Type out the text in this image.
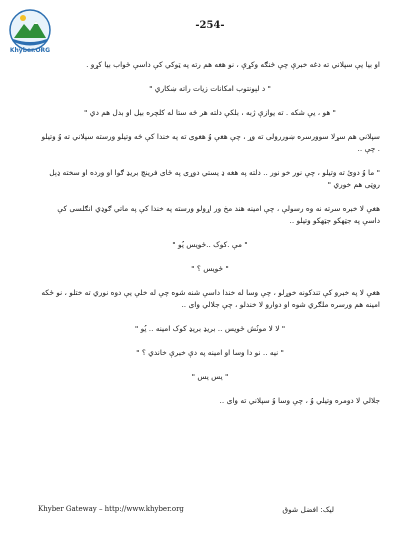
Khyber.ORG
-254-

او بيا يې سپلاني ته دغه خبرې چې څنګه وکړې ، نو هغه هم رته په ټوکي کې داسې ځواب بيا کړو .

" د لېونتوب امکانات زيات راته ښکاري "

" هو ، يې شکه . ته يوازې ژبه ، بلکې دلته هر څه ستا له کلچره بيل او بدل هم دي "

سپلاني هم سړلا سوورسره ښوررولی ته وړ ، چې هغې وُ هغوی ته په خندا کې څه وتيلو ورسته سپلاني ته وُ وتيلو . چې ..

" ما وُ دوئ ته وتيلو ، چې نور خو نور .. دلته په هغه ډ يستي دوړی په ځای فرينچ بريډ ګوا او ورده او سخته ډېل روټی هم خوري "

هغې لا خبره سرته نه وه رسولې ، چې امينه هند مخ ور اړولو ورسته په خندا کې په ماتي ګوډي انګلسی کې داسې په جټهکو جټهکو وتيلو ..

" مې .کوک ..ځويس يُو "

" ځويس ؟ "

هغې لا په خبرو کې تندکونه خوړلو ، چې وسا له خندا داسې شنه شوه چې له خلې يې دوه نوري ته ختلو ، نو ځکه امينه هم ورسره ملګري شوه او دوارو لا خندلو ، چې جلالي وای ..

" لا لا مونُش ځويس .. بريډ بريډ کوک امينه .. يُو "

" نيه .. نو دا وسا او امينه په دې خبرې خاندي ؟ "

" يس يس "

جلالي لا دومره وتيلي وُ ، چې وسا وُ سپلاني ته وای ..

Khyber Gateway – http://www.khyber.org	لیک: افضل شوق
